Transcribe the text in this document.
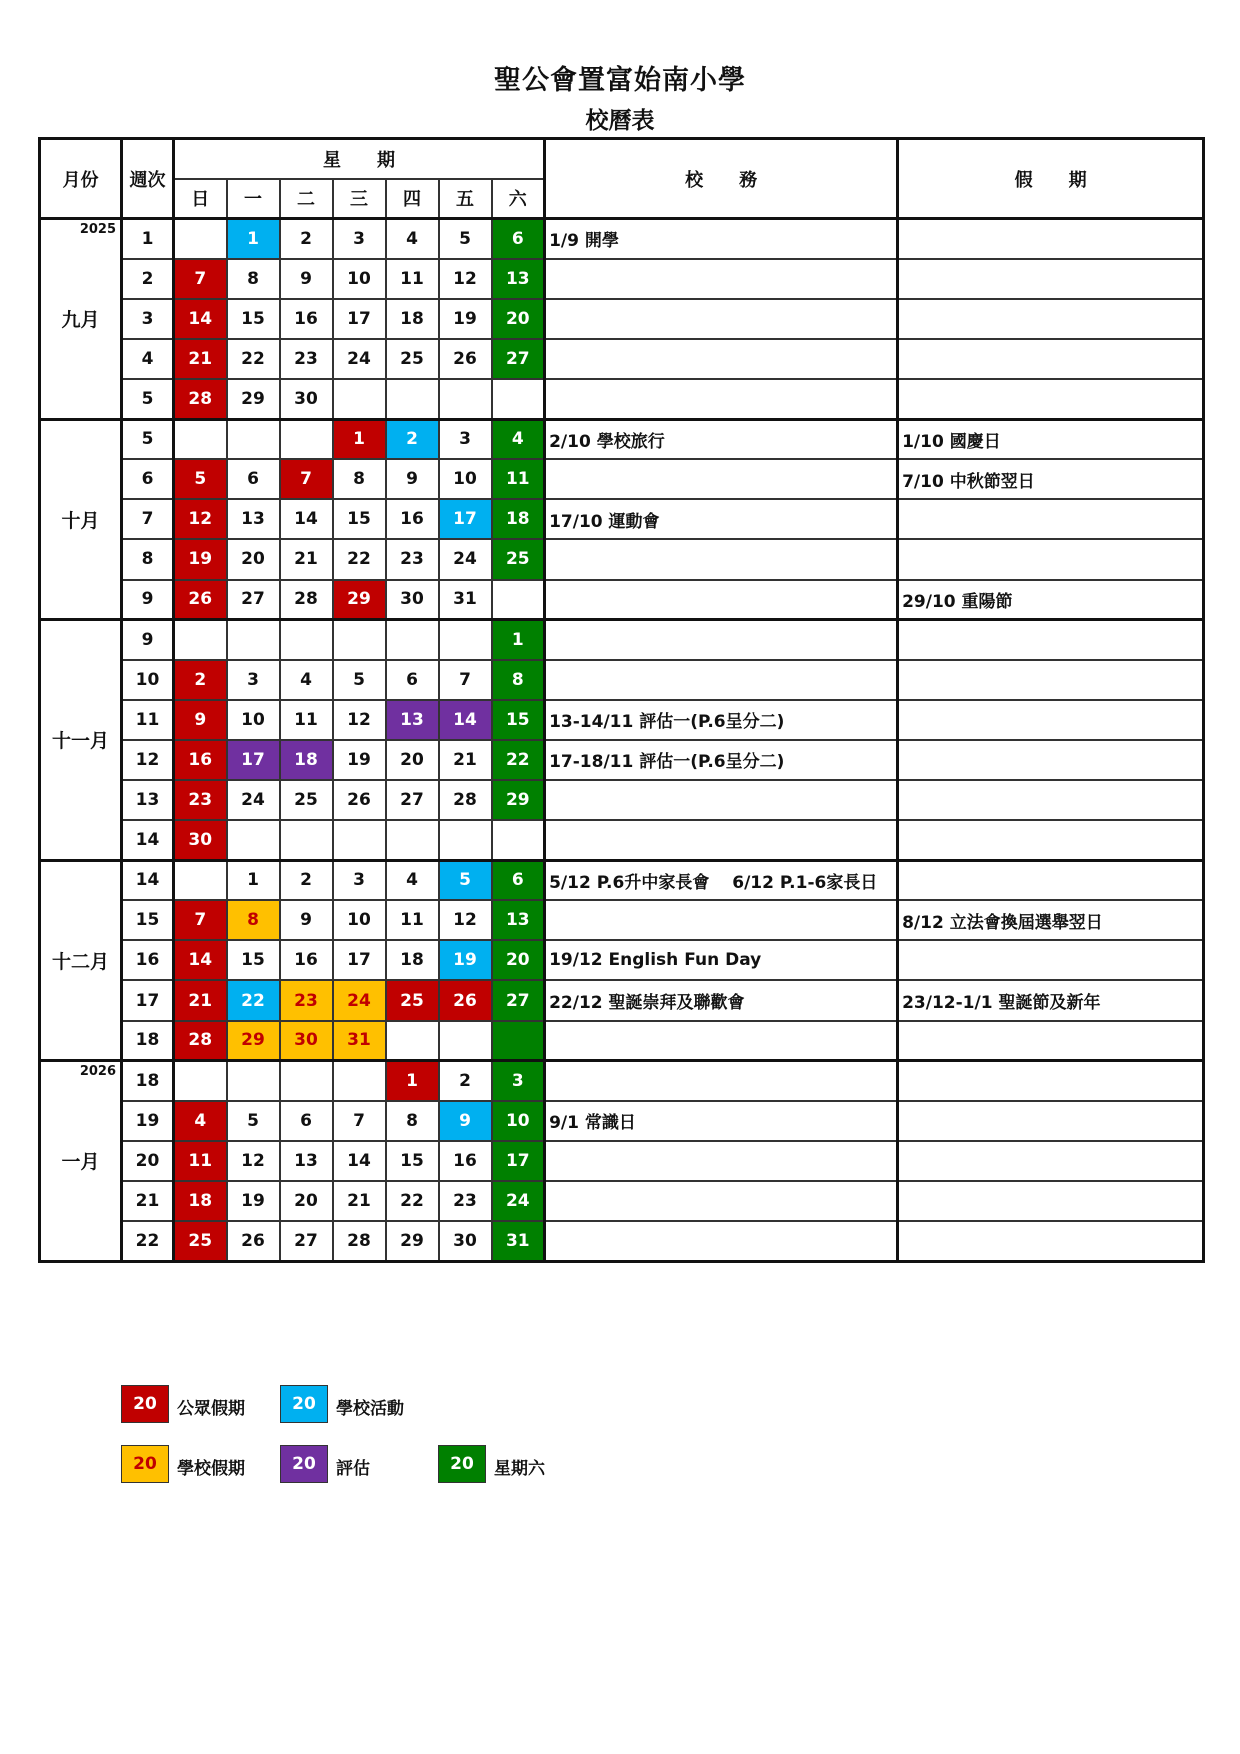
聖公會置富始南小學
校曆表
月份	週次	星　　期							校　　務	假　　期
		日	一	二	三	四	五	六		

2025
九月	1		1	2	3	4	5	6	1/9 開學	
	2	7	8	9	10	11	12	13		
	3	14	15	16	17	18	19	20		
	4	21	22	23	24	25	26	27		
	5	28	29	30						
十月	5				1	2	3	4	2/10 學校旅行	1/10 國慶日
	6	5	6	7	8	9	10	11		7/10 中秋節翌日
	7	12	13	14	15	16	17	18	17/10 運動會	
	8	19	20	21	22	23	24	25		
	9	26	27	28	29	30	31			29/10 重陽節
十一月	9							1		
	10	2	3	4	5	6	7	8		
	11	9	10	11	12	13	14	15	13-14/11 評估一(P.6呈分二)	
	12	16	17	18	19	20	21	22	17-18/11 評估一(P.6呈分二)	
	13	23	24	25	26	27	28	29		
	14	30								
十二月	14		1	2	3	4	5	6	5/12 P.6升中家長會　 6/12 P.1-6家長日	
	15	7	8	9	10	11	12	13		8/12 立法會換屆選舉翌日
	16	14	15	16	17	18	19	20	19/12 English Fun Day	
	17	21	22	23	24	25	26	27	22/12 聖誕崇拜及聯歡會	23/12-1/1 聖誕節及新年
	18	28	29	30	31					

2026
一月	18					1	2	3		
	19	4	5	6	7	8	9	10	9/1 常識日	
	20	11	12	13	14	15	16	17		
	21	18	19	20	21	22	23	24		
	22	25	26	27	28	29	30	31		
20	公眾假期	20	學校活動
20	學校假期	20	評估	20	星期六
